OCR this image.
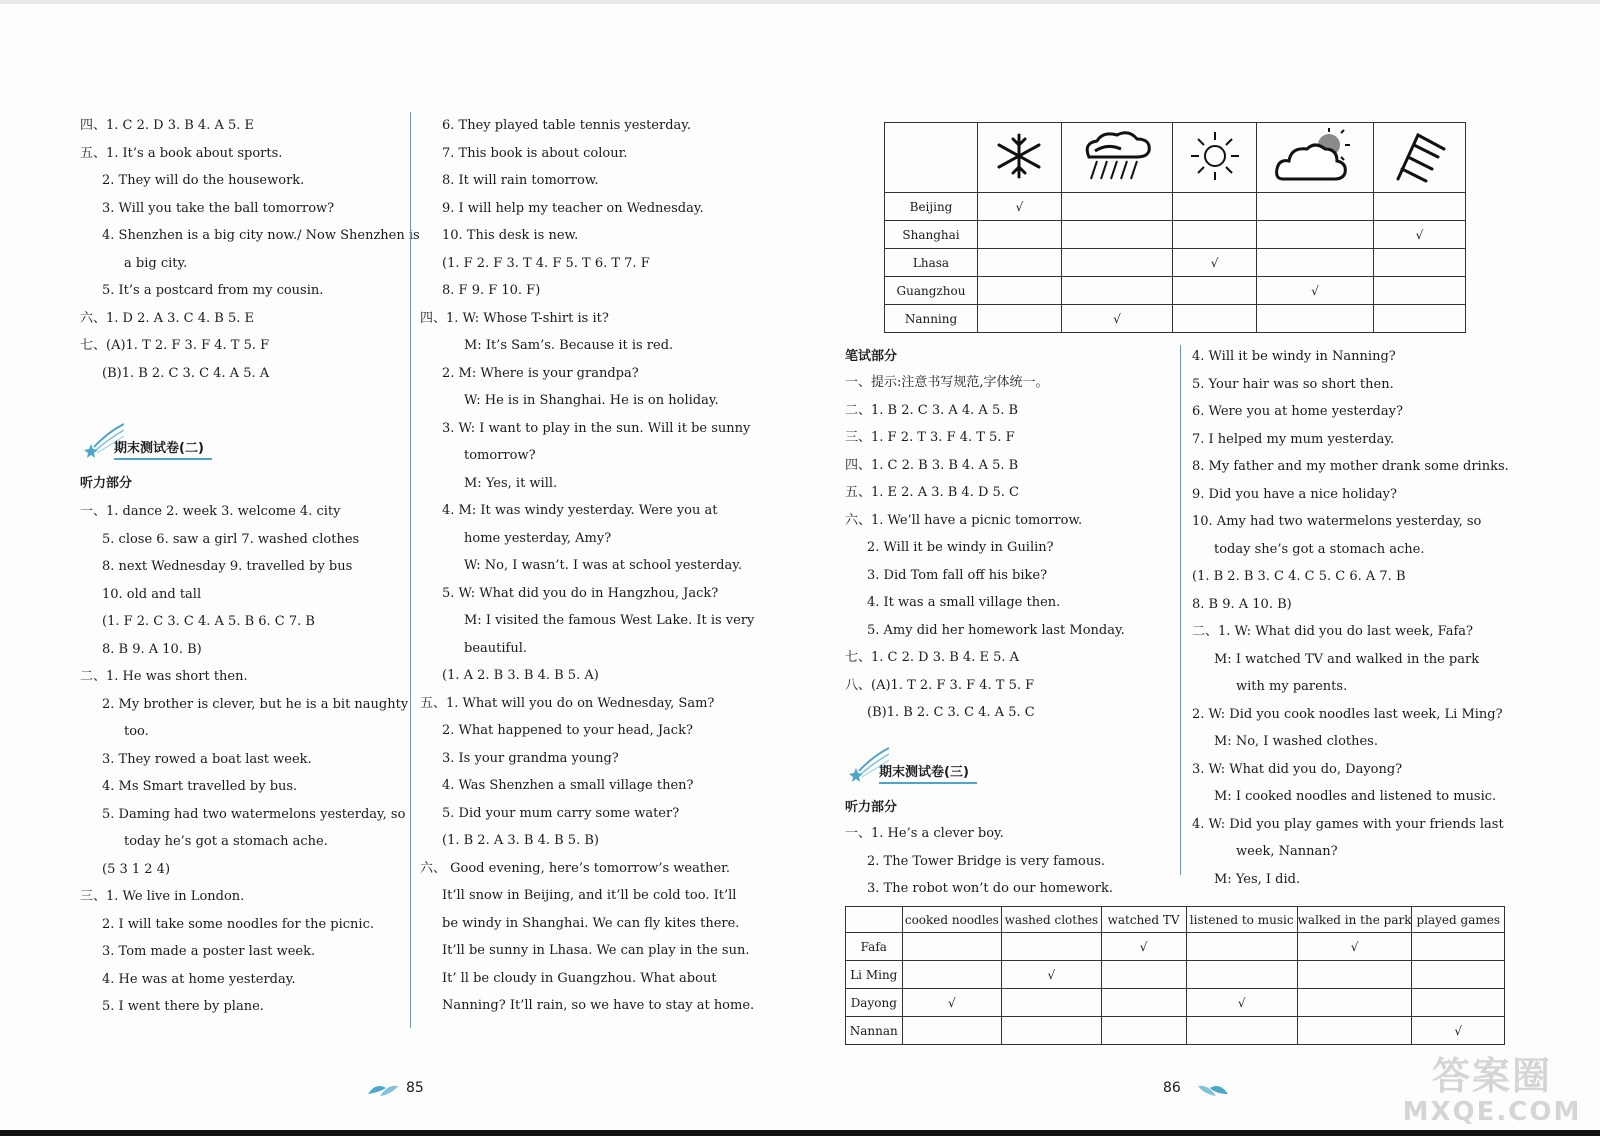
四、1. C 2. D 3. B 4. A 5. E
五、1. It’s a book about sports.
2. They will do the housework.
3. Will you take the ball tomorrow?
4. Shenzhen is a big city now./ Now Shenzhen is
a big city.
5. It’s a postcard from my cousin.
六、1. D 2. A 3. C 4. B 5. E
七、(A)1. T 2. F 3. F 4. T 5. F
(B)1. B 2. C 3. C 4. A 5. A
期末测试卷(二)
听力部分
一、1. dance 2. week 3. welcome 4. city
5. close 6. saw a girl 7. washed clothes
8. next Wednesday 9. travelled by bus
10. old and tall
(1. F 2. C 3. C 4. A 5. B 6. C 7. B
8. B 9. A 10. B)
二、1. He was short then.
2. My brother is clever, but he is a bit naughty
too.
3. They rowed a boat last week.
4. Ms Smart travelled by bus.
5. Daming had two watermelons yesterday, so
today he’s got a stomach ache.
(5 3 1 2 4)
三、1. We live in London.
2. I will take some noodles for the picnic.
3. Tom made a poster last week.
4. He was at home yesterday.
5. I went there by plane.
6. They played table tennis yesterday.
7. This book is about colour.
8. It will rain tomorrow.
9. I will help my teacher on Wednesday.
10. This desk is new.
(1. F 2. F 3. T 4. F 5. T 6. T 7. F
8. F 9. F 10. F)
四、1. W: Whose T-shirt is it?
M: It’s Sam’s. Because it is red.
2. M: Where is your grandpa?
W: He is in Shanghai. He is on holiday.
3. W: I want to play in the sun. Will it be sunny
tomorrow?
M: Yes, it will.
4. M: It was windy yesterday. Were you at
home yesterday, Amy?
W: No, I wasn’t. I was at school yesterday.
5. W: What did you do in Hangzhou, Jack?
M: I visited the famous West Lake. It is very
beautiful.
(1. A 2. B 3. B 4. B 5. A)
五、1. What will you do on Wednesday, Sam?
2. What happened to your head, Jack?
3. Is your grandma young?
4. Was Shenzhen a small village then?
5. Did your mum carry some water?
(1. B 2. A 3. B 4. B 5. B)
六、 Good evening, here’s tomorrow’s weather.
It’ll snow in Beijing, and it’ll be cold too. It’ll
be windy in Shanghai. We can fly kites there.
It’ll be sunny in Lhasa. We can play in the sun.
It’ ll be cloudy in Guangzhou. What about
Nanning? It’ll rain, so we have to stay at home.

Beijing	√				
Shanghai					√
Lhasa			√		
Guangzhou				√	
Nanning		√			
笔试部分
一、提示:注意书写规范,字体统一。
二、1. B 2. C 3. A 4. A 5. B
三、1. F 2. T 3. F 4. T 5. F
四、1. C 2. B 3. B 4. A 5. B
五、1. E 2. A 3. B 4. D 5. C
六、1. We’ll have a picnic tomorrow.
2. Will it be windy in Guilin?
3. Did Tom fall off his bike?
4. It was a small village then.
5. Amy did her homework last Monday.
七、1. C 2. D 3. B 4. E 5. A
八、(A)1. T 2. F 3. F 4. T 5. F
(B)1. B 2. C 3. C 4. A 5. C
期末测试卷(三)
听力部分
一、1. He’s a clever boy.
2. The Tower Bridge is very famous.
3. The robot won’t do our homework.
4. Will it be windy in Nanning?
5. Your hair was so short then.
6. Were you at home yesterday?
7. I helped my mum yesterday.
8. My father and my mother drank some drinks.
9. Did you have a nice holiday?
10. Amy had two watermelons yesterday, so
today she’s got a stomach ache.
(1. B 2. B 3. C 4. C 5. C 6. A 7. B
8. B 9. A 10. B)
二、1. W: What did you do last week, Fafa?
M: I watched TV and walked in the park
with my parents.
2. W: Did you cook noodles last week, Li Ming?
M: No, I washed clothes.
3. W: What did you do, Dayong?
M: I cooked noodles and listened to music.
4. W: Did you play games with your friends last
week, Nannan?
M: Yes, I did.
	cooked noodles	washed clothes	watched TV	listened to music	walked in the park	played games
Fafa			√		√	
Li Ming		√				
Dayong	√			√		
Nannan						√
85	86	答案圈
MXQE.COM
